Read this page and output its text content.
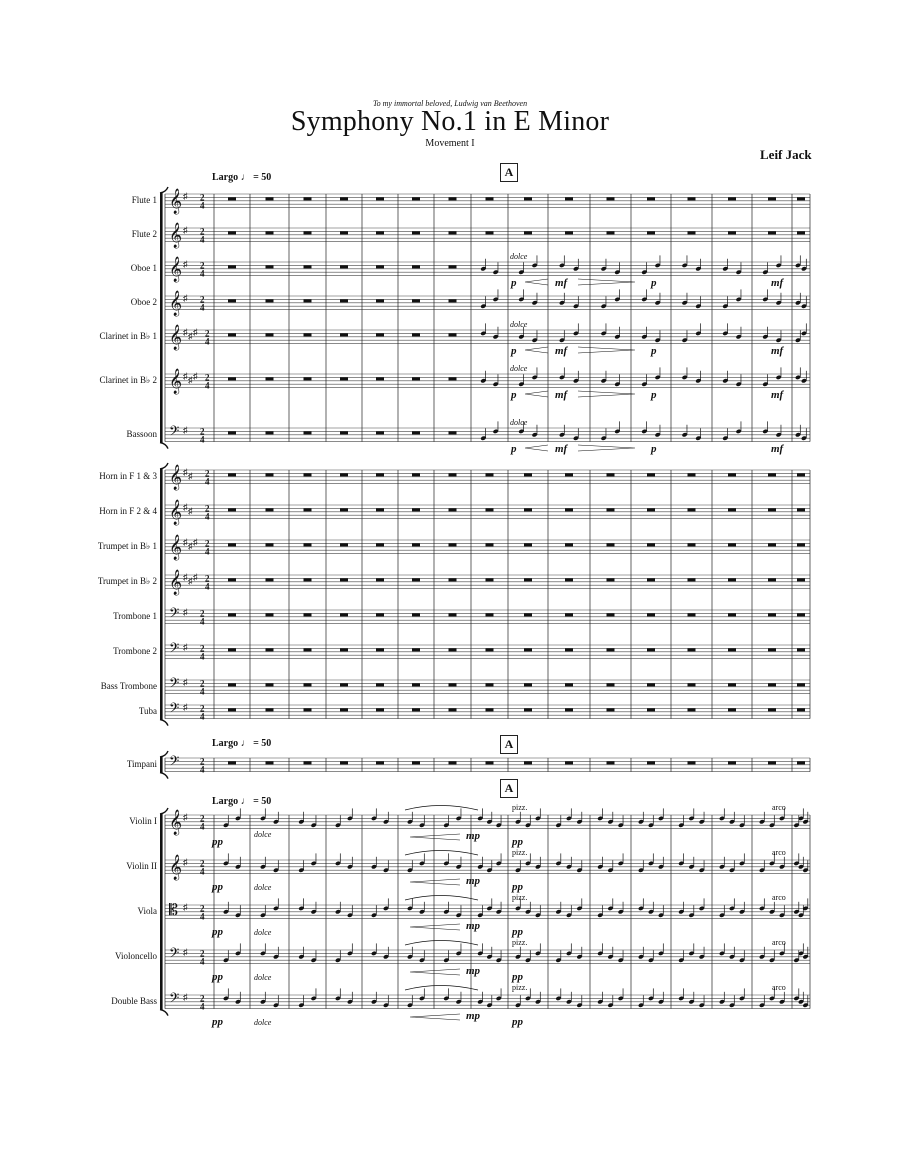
To my immortal beloved, Ludwig van Beethoven
Symphony No.1 in E Minor
Movement I
Leif Jack
Largo ♩ = 50
Largo ♩ = 50
Largo ♩ = 50
A
A
A
Flute 1
Flute 2
Oboe 1
Oboe 2
Clarinet in B♭ 1
Clarinet in B♭ 2
Bassoon
Horn in F 1 & 3
Horn in F 2 & 4
Trumpet in B♭ 1
Trumpet in B♭ 2
Trombone 1
Trombone 2
Bass Trombone
Tuba
Timpani
Violin I
Violin II
Viola
Violoncello
Double Bass
𝄞 ♯ 2
4
𝄞 ♯ 2
4
𝄞 ♯ 2
4
𝄞 ♯ 2
4
𝄞 ♯ ♯ ♯ 2
4
𝄞 ♯ ♯ ♯ 2
4
𝄢 ♯ 2
4
𝄞 ♯ ♯ 2
4
𝄞 ♯ ♯ 2
4
𝄞 ♯ ♯ ♯ 2
4
𝄞 ♯ ♯ ♯ 2
4
𝄢 ♯ 2
4
𝄢 ♯ 2
4
𝄢 ♯ 2
4
𝄢 ♯ 2
4
𝄢 2
4
𝄞 ♯ 2
4
𝄞 ♯ 2
4
𝄡 ♯ 2
4
𝄢 ♯ 2
4
𝄢 ♯ 2
4
dolce
p	mf	p	mf
dolce
p	mf	p	mf
dolce
p	mf	p	mf
dolce
p	mf	p	mf
pp
dolce	mp
pizz.
pp
arco
pp	dolce
mp
pizz.
pp
arco
pp	dolce
mp
pizz.
pp
arco
pp	dolce
mp
pizz.
pp
arco
pp	dolce
mp
pizz.
pp
arco
